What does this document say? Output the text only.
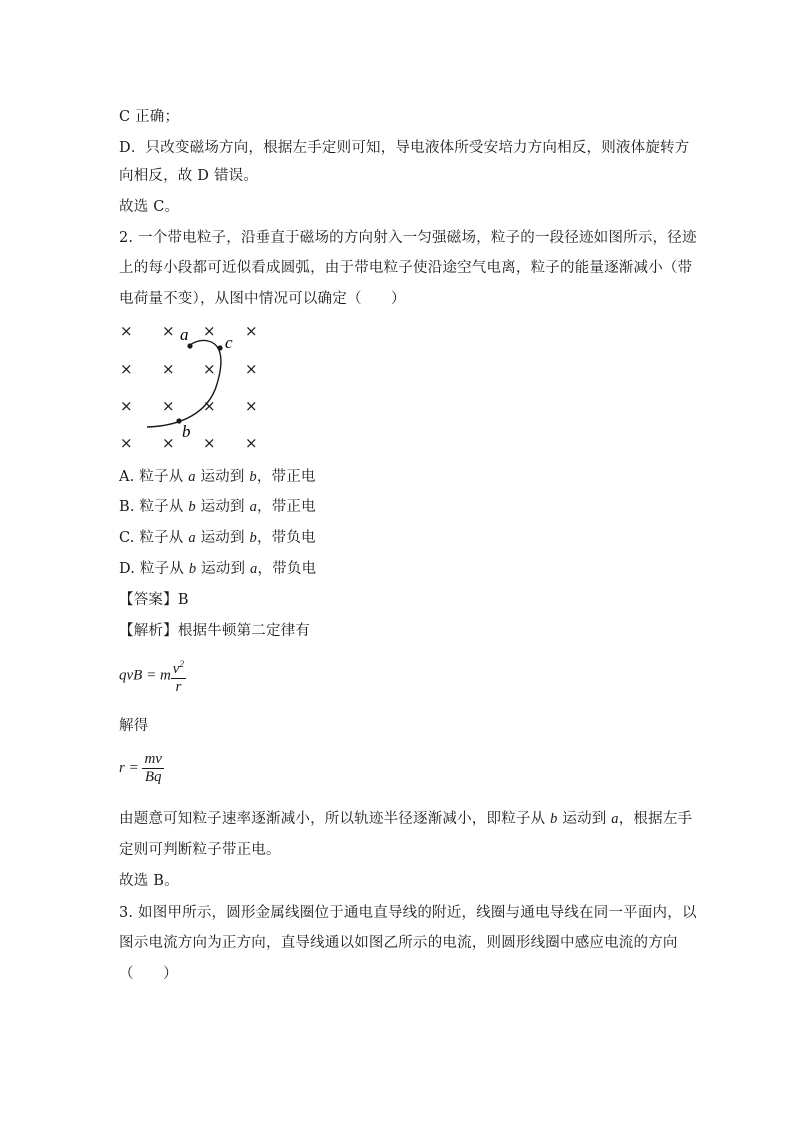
C 正确；
D．只改变磁场方向，根据左手定则可知，导电液体所受安培力方向相反，则液体旋转方
向相反，故 D 错误。
故选 C。
2. 一个带电粒子，沿垂直于磁场的方向射入一匀强磁场，粒子的一段径迹如图所示，径迹
上的每小段都可近似看成圆弧，由于带电粒子使沿途空气电离，粒子的能量逐渐减小（带
电荷量不变），从图中情况可以确定（　　）
× × × ×
× × × ×
× × × ×
× × × ×
a c
b
A. 粒子从 a 运动到 b，带正电
B. 粒子从 b 运动到 a，带正电
C. 粒子从 a 运动到 b，带负电
D. 粒子从 b 运动到 a，带负电
【答案】B
【解析】根据牛顿第二定律有
qvB = m $\frac{v^2}{r}$
解得
$r = \frac{mv}{Bq}$
由题意可知粒子速率逐渐减小，所以轨迹半径逐渐减小，即粒子从 b 运动到 a，根据左手
定则可判断粒子带正电。
故选 B。
3. 如图甲所示，圆形金属线圈位于通电直导线的附近，线圈与通电导线在同一平面内，以
图示电流方向为正方向，直导线通以如图乙所示的电流，则圆形线圈中感应电流的方向
（　　）
